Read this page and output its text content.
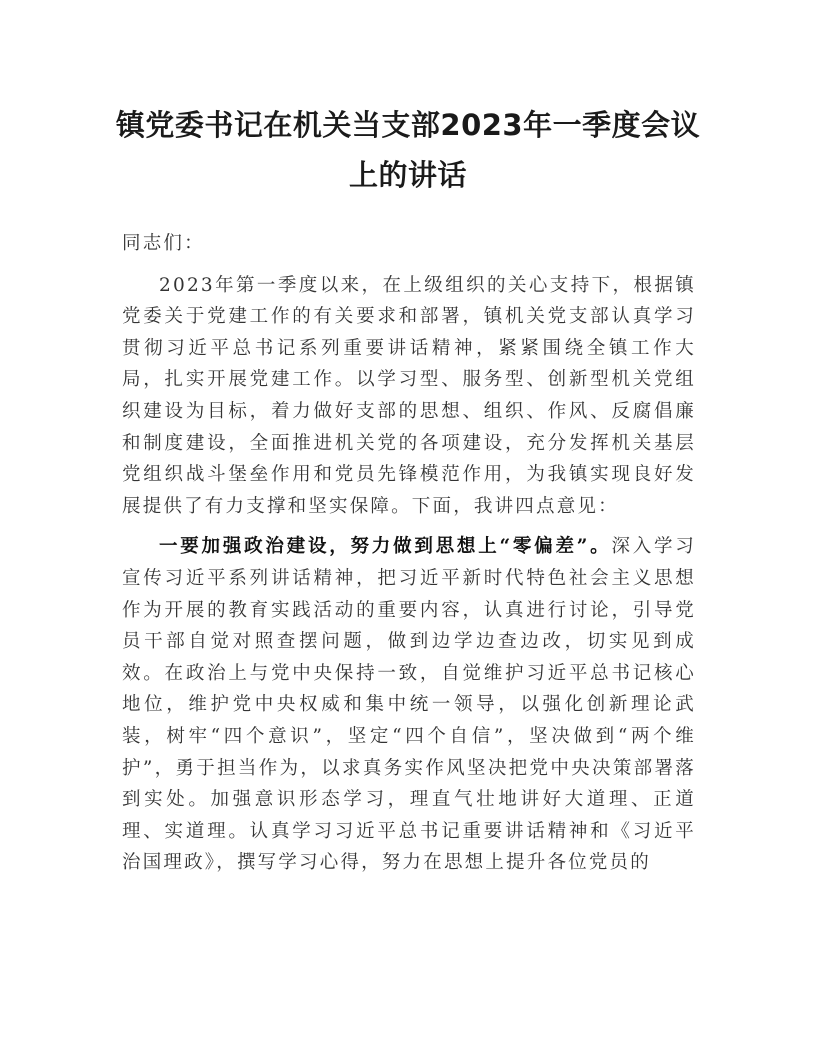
镇党委书记在机关当支部2023年一季度会议上的讲话

同志们：

2023年第一季度以来，在上级组织的关心支持下，根据镇党委关于党建工作的有关要求和部署，镇机关党支部认真学习贯彻习近平总书记系列重要讲话精神，紧紧围绕全镇工作大局，扎实开展党建工作。以学习型、服务型、创新型机关党组织建设为目标，着力做好支部的思想、组织、作风、反腐倡廉和制度建设，全面推进机关党的各项建设，充分发挥机关基层党组织战斗堡垒作用和党员先锋模范作用，为我镇实现良好发展提供了有力支撑和坚实保障。下面，我讲四点意见：

一要加强政治建设，努力做到思想上“零偏差”。深入学习宣传习近平系列讲话精神，把习近平新时代特色社会主义思想作为开展的教育实践活动的重要内容，认真进行讨论，引导党员干部自觉对照查摆问题，做到边学边查边改，切实见到成效。在政治上与党中央保持一致，自觉维护习近平总书记核心地位，维护党中央权威和集中统一领导，以强化创新理论武装，树牢“四个意识”，坚定“四个自信”，坚决做到“两个维护”，勇于担当作为，以求真务实作风坚决把党中央决策部署落到实处。加强意识形态学习，理直气壮地讲好大道理、正道理、实道理。认真学习习近平总书记重要讲话精神和《习近平治国理政》，撰写学习心得，努力在思想上提升各位党员的
